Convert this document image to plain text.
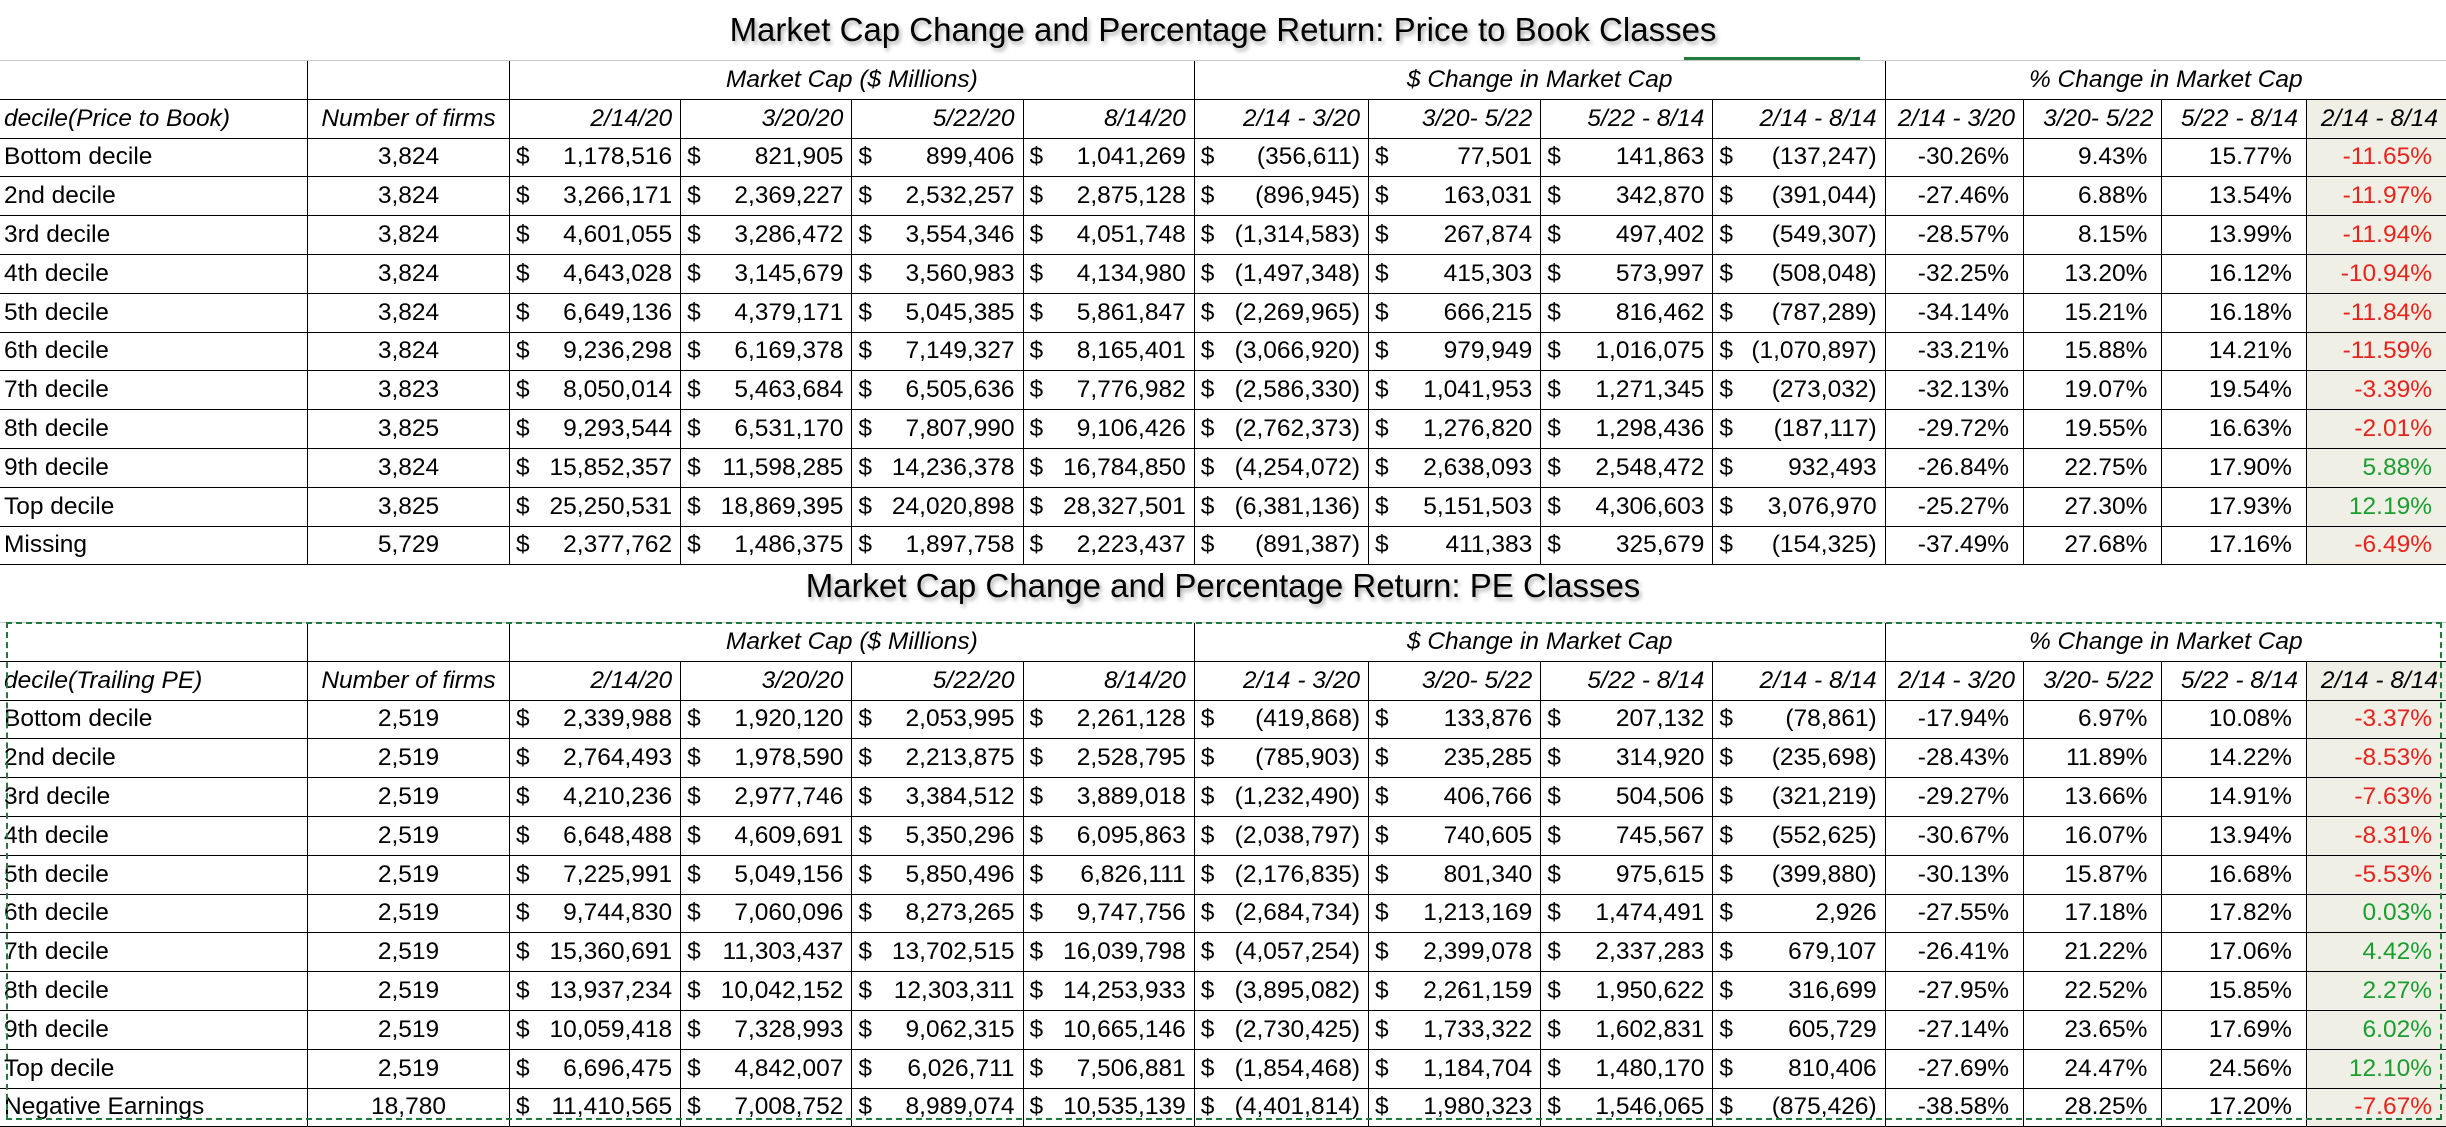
Market Cap Change and Percentage Return: Price to Book Classes
		Market Cap ($ Millions)				$ Change in Market Cap				% Change in Market Cap			
decile(Price to Book)	Number of firms	2/14/20	3/20/20	5/22/20	8/14/20	2/14 - 3/20	3/20- 5/22	5/22 - 8/14	2/14 - 8/14	2/14 - 3/20	3/20- 5/22	5/22 - 8/14	2/14 - 8/14
Bottom decile	3,824	$ 1,178,516	$ 821,905	$ 899,406	$ 1,041,269	$ (356,611)	$ 77,501	$ 141,863	$ (137,247)	-30.26%	9.43%	15.77%	-11.65%
2nd decile	3,824	$ 3,266,171	$ 2,369,227	$ 2,532,257	$ 2,875,128	$ (896,945)	$ 163,031	$ 342,870	$ (391,044)	-27.46%	6.88%	13.54%	-11.97%
3rd decile	3,824	$ 4,601,055	$ 3,286,472	$ 3,554,346	$ 4,051,748	$ (1,314,583)	$ 267,874	$ 497,402	$ (549,307)	-28.57%	8.15%	13.99%	-11.94%
4th decile	3,824	$ 4,643,028	$ 3,145,679	$ 3,560,983	$ 4,134,980	$ (1,497,348)	$ 415,303	$ 573,997	$ (508,048)	-32.25%	13.20%	16.12%	-10.94%
5th decile	3,824	$ 6,649,136	$ 4,379,171	$ 5,045,385	$ 5,861,847	$ (2,269,965)	$ 666,215	$ 816,462	$ (787,289)	-34.14%	15.21%	16.18%	-11.84%
6th decile	3,824	$ 9,236,298	$ 6,169,378	$ 7,149,327	$ 8,165,401	$ (3,066,920)	$ 979,949	$ 1,016,075	$ (1,070,897)	-33.21%	15.88%	14.21%	-11.59%
7th decile	3,823	$ 8,050,014	$ 5,463,684	$ 6,505,636	$ 7,776,982	$ (2,586,330)	$ 1,041,953	$ 1,271,345	$ (273,032)	-32.13%	19.07%	19.54%	-3.39%
8th decile	3,825	$ 9,293,544	$ 6,531,170	$ 7,807,990	$ 9,106,426	$ (2,762,373)	$ 1,276,820	$ 1,298,436	$ (187,117)	-29.72%	19.55%	16.63%	-2.01%
9th decile	3,824	$ 15,852,357	$ 11,598,285	$ 14,236,378	$ 16,784,850	$ (4,254,072)	$ 2,638,093	$ 2,548,472	$ 932,493	-26.84%	22.75%	17.90%	5.88%
Top decile	3,825	$ 25,250,531	$ 18,869,395	$ 24,020,898	$ 28,327,501	$ (6,381,136)	$ 5,151,503	$ 4,306,603	$ 3,076,970	-25.27%	27.30%	17.93%	12.19%
Missing	5,729	$ 2,377,762	$ 1,486,375	$ 1,897,758	$ 2,223,437	$ (891,387)	$ 411,383	$ 325,679	$ (154,325)	-37.49%	27.68%	17.16%	-6.49%
Market Cap Change and Percentage Return: PE Classes
		Market Cap ($ Millions)				$ Change in Market Cap				% Change in Market Cap			
decile(Trailing PE)	Number of firms	2/14/20	3/20/20	5/22/20	8/14/20	2/14 - 3/20	3/20- 5/22	5/22 - 8/14	2/14 - 8/14	2/14 - 3/20	3/20- 5/22	5/22 - 8/14	2/14 - 8/14
Bottom decile	2,519	$ 2,339,988	$ 1,920,120	$ 2,053,995	$ 2,261,128	$ (419,868)	$ 133,876	$ 207,132	$ (78,861)	-17.94%	6.97%	10.08%	-3.37%
2nd decile	2,519	$ 2,764,493	$ 1,978,590	$ 2,213,875	$ 2,528,795	$ (785,903)	$ 235,285	$ 314,920	$ (235,698)	-28.43%	11.89%	14.22%	-8.53%
3rd decile	2,519	$ 4,210,236	$ 2,977,746	$ 3,384,512	$ 3,889,018	$ (1,232,490)	$ 406,766	$ 504,506	$ (321,219)	-29.27%	13.66%	14.91%	-7.63%
4th decile	2,519	$ 6,648,488	$ 4,609,691	$ 5,350,296	$ 6,095,863	$ (2,038,797)	$ 740,605	$ 745,567	$ (552,625)	-30.67%	16.07%	13.94%	-8.31%
5th decile	2,519	$ 7,225,991	$ 5,049,156	$ 5,850,496	$ 6,826,111	$ (2,176,835)	$ 801,340	$ 975,615	$ (399,880)	-30.13%	15.87%	16.68%	-5.53%
6th decile	2,519	$ 9,744,830	$ 7,060,096	$ 8,273,265	$ 9,747,756	$ (2,684,734)	$ 1,213,169	$ 1,474,491	$ 2,926	-27.55%	17.18%	17.82%	0.03%
7th decile	2,519	$ 15,360,691	$ 11,303,437	$ 13,702,515	$ 16,039,798	$ (4,057,254)	$ 2,399,078	$ 2,337,283	$ 679,107	-26.41%	21.22%	17.06%	4.42%
8th decile	2,519	$ 13,937,234	$ 10,042,152	$ 12,303,311	$ 14,253,933	$ (3,895,082)	$ 2,261,159	$ 1,950,622	$ 316,699	-27.95%	22.52%	15.85%	2.27%
9th decile	2,519	$ 10,059,418	$ 7,328,993	$ 9,062,315	$ 10,665,146	$ (2,730,425)	$ 1,733,322	$ 1,602,831	$ 605,729	-27.14%	23.65%	17.69%	6.02%
Top decile	2,519	$ 6,696,475	$ 4,842,007	$ 6,026,711	$ 7,506,881	$ (1,854,468)	$ 1,184,704	$ 1,480,170	$ 810,406	-27.69%	24.47%	24.56%	12.10%
Negative Earnings	18,780	$ 11,410,565	$ 7,008,752	$ 8,989,074	$ 10,535,139	$ (4,401,814)	$ 1,980,323	$ 1,546,065	$ (875,426)	-38.58%	28.25%	17.20%	-7.67%
